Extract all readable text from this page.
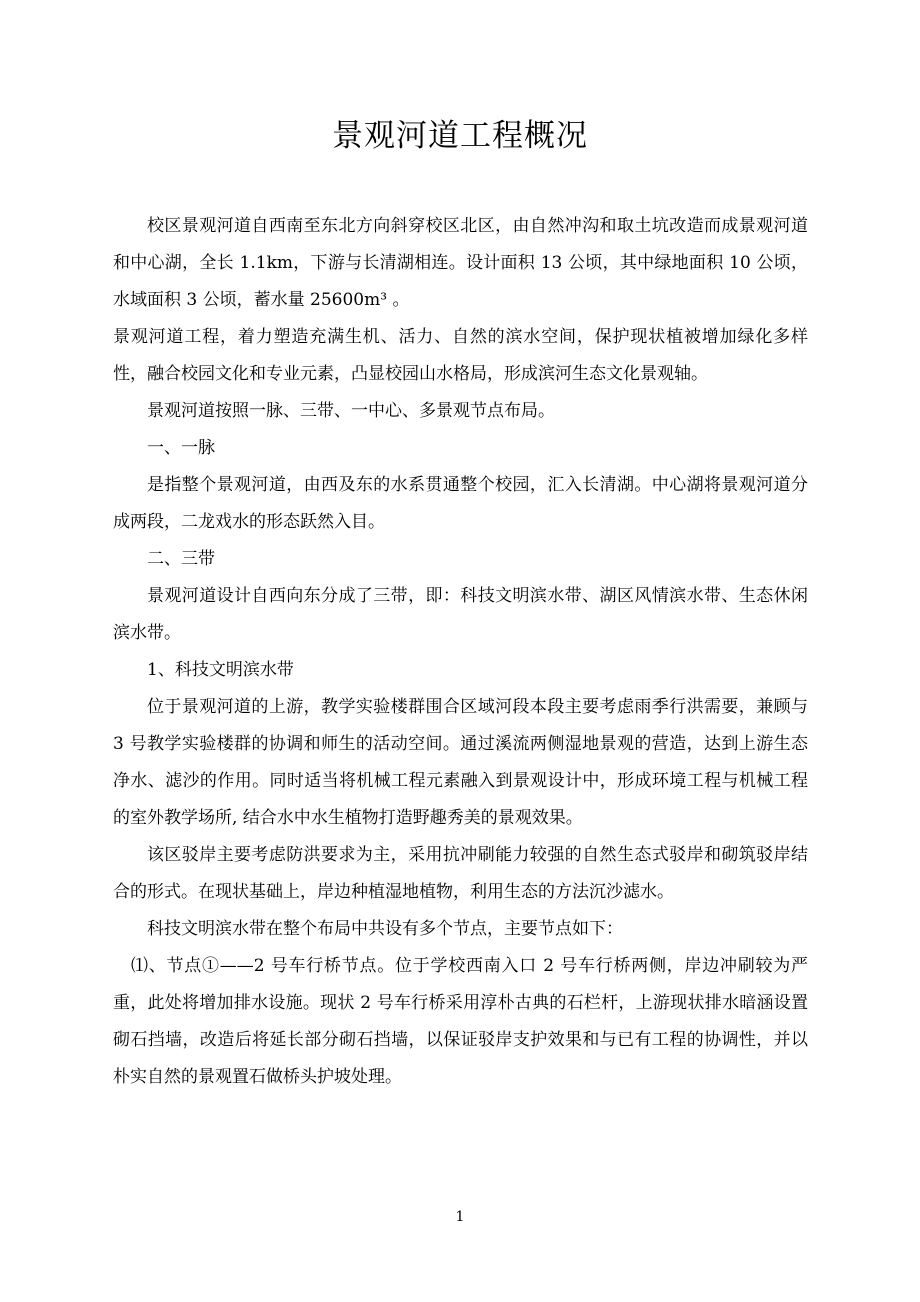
景观河道工程概况

校区景观河道自西南至东北方向斜穿校区北区，由自然冲沟和取土坑改造而成景观河道和中心湖，全长 1.1km，下游与长清湖相连。设计面积 13 公顷，其中绿地面积 10 公顷，水域面积 3 公顷，蓄水量 25600m³ 。

景观河道工程，着力塑造充满生机、活力、自然的滨水空间，保护现状植被增加绿化多样性，融合校园文化和专业元素，凸显校园山水格局，形成滨河生态文化景观轴。

景观河道按照一脉、三带、一中心、多景观节点布局。

一、一脉

是指整个景观河道，由西及东的水系贯通整个校园，汇入长清湖。中心湖将景观河道分成两段，二龙戏水的形态跃然入目。

二、三带

景观河道设计自西向东分成了三带，即：科技文明滨水带、湖区风情滨水带、生态休闲滨水带。

1、科技文明滨水带

位于景观河道的上游，教学实验楼群围合区域河段本段主要考虑雨季行洪需要，兼顾与 3 号教学实验楼群的协调和师生的活动空间。通过溪流两侧湿地景观的营造，达到上游生态净水、滤沙的作用。同时适当将机械工程元素融入到景观设计中，形成环境工程与机械工程的室外教学场所, 结合水中水生植物打造野趣秀美的景观效果。

该区驳岸主要考虑防洪要求为主，采用抗冲刷能力较强的自然生态式驳岸和砌筑驳岸结合的形式。在现状基础上，岸边种植湿地植物，利用生态的方法沉沙滤水。

科技文明滨水带在整个布局中共设有多个节点，主要节点如下：

⑴、节点①——2 号车行桥节点。位于学校西南入口 2 号车行桥两侧，岸边冲刷较为严重，此处将增加排水设施。现状 2 号车行桥采用淳朴古典的石栏杆，上游现状排水暗涵设置砌石挡墙，改造后将延长部分砌石挡墙，以保证驳岸支护效果和与已有工程的协调性，并以朴实自然的景观置石做桥头护坡处理。

1
